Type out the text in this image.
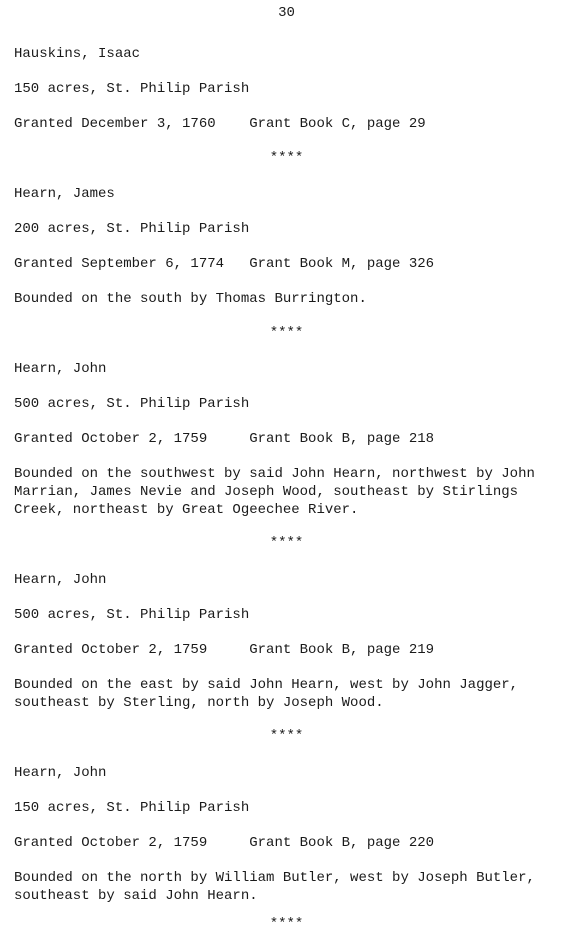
30
Hauskins, Isaac
150 acres, St. Philip Parish
Granted December 3, 1760    Grant Book C, page 29
****
Hearn, James
200 acres, St. Philip Parish
Granted September 6, 1774   Grant Book M, page 326
Bounded on the south by Thomas Burrington.
****
Hearn, John
500 acres, St. Philip Parish
Granted October 2, 1759     Grant Book B, page 218
Bounded on the southwest by said John Hearn, northwest by John
Marrian, James Nevie and Joseph Wood, southeast by Stirlings
Creek, northeast by Great Ogeechee River.
****
Hearn, John
500 acres, St. Philip Parish
Granted October 2, 1759     Grant Book B, page 219
Bounded on the east by said John Hearn, west by John Jagger,
southeast by Sterling, north by Joseph Wood.
****
Hearn, John
150 acres, St. Philip Parish
Granted October 2, 1759     Grant Book B, page 220
Bounded on the north by William Butler, west by Joseph Butler,
southeast by said John Hearn.
****
